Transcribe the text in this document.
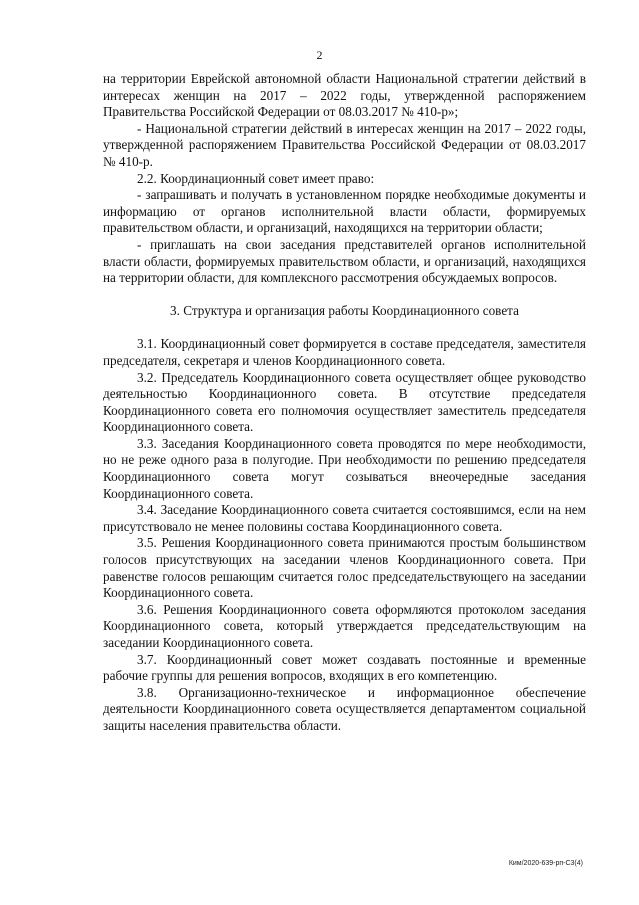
2

на территории Еврейской автономной области Национальной стратегии действий в интересах женщин на 2017 – 2022 годы, утвержденной распоряжением Правительства Российской Федерации от 08.03.2017 № 410-р»;

- Национальной стратегии действий в интересах женщин на 2017 – 2022 годы, утвержденной распоряжением Правительства Российской Федерации от 08.03.2017 № 410-р.

2.2. Координационный совет имеет право:

- запрашивать и получать в установленном порядке необходимые документы и информацию от органов исполнительной власти области, формируемых правительством области, и организаций, находящихся на территории области;

- приглашать на свои заседания представителей органов исполнительной власти области, формируемых правительством области, и организаций, находящихся на территории области, для комплексного рассмотрения обсуждаемых вопросов.

3. Структура и организация работы Координационного совета

3.1. Координационный совет формируется в составе председателя, заместителя председателя, секретаря и членов Координационного совета.

3.2. Председатель Координационного совета осуществляет общее руководство деятельностью Координационного совета. В отсутствие председателя Координационного совета его полномочия осуществляет заместитель председателя Координационного совета.

3.3. Заседания Координационного совета проводятся по мере необходимости, но не реже одного раза в полугодие. При необходимости по решению председателя Координационного совета могут созываться внеочередные заседания Координационного совета.

3.4. Заседание Координационного совета считается состоявшимся, если на нем присутствовало не менее половины состава Координационного совета.

3.5. Решения Координационного совета принимаются простым большинством голосов присутствующих на заседании членов Координационного совета. При равенстве голосов решающим считается голос председательствующего на заседании Координационного совета.

3.6. Решения Координационного совета оформляются протоколом заседания Координационного совета, который утверждается председательствующим на заседании Координационного совета.

3.7. Координационный совет может создавать постоянные и временные рабочие группы для решения вопросов, входящих в его компетенцию.

3.8. Организационно-техническое и информационное обеспечение деятельности Координационного совета осуществляется департаментом социальной защиты населения правительства области.

Ким/2020-639-рп-С3(4)
